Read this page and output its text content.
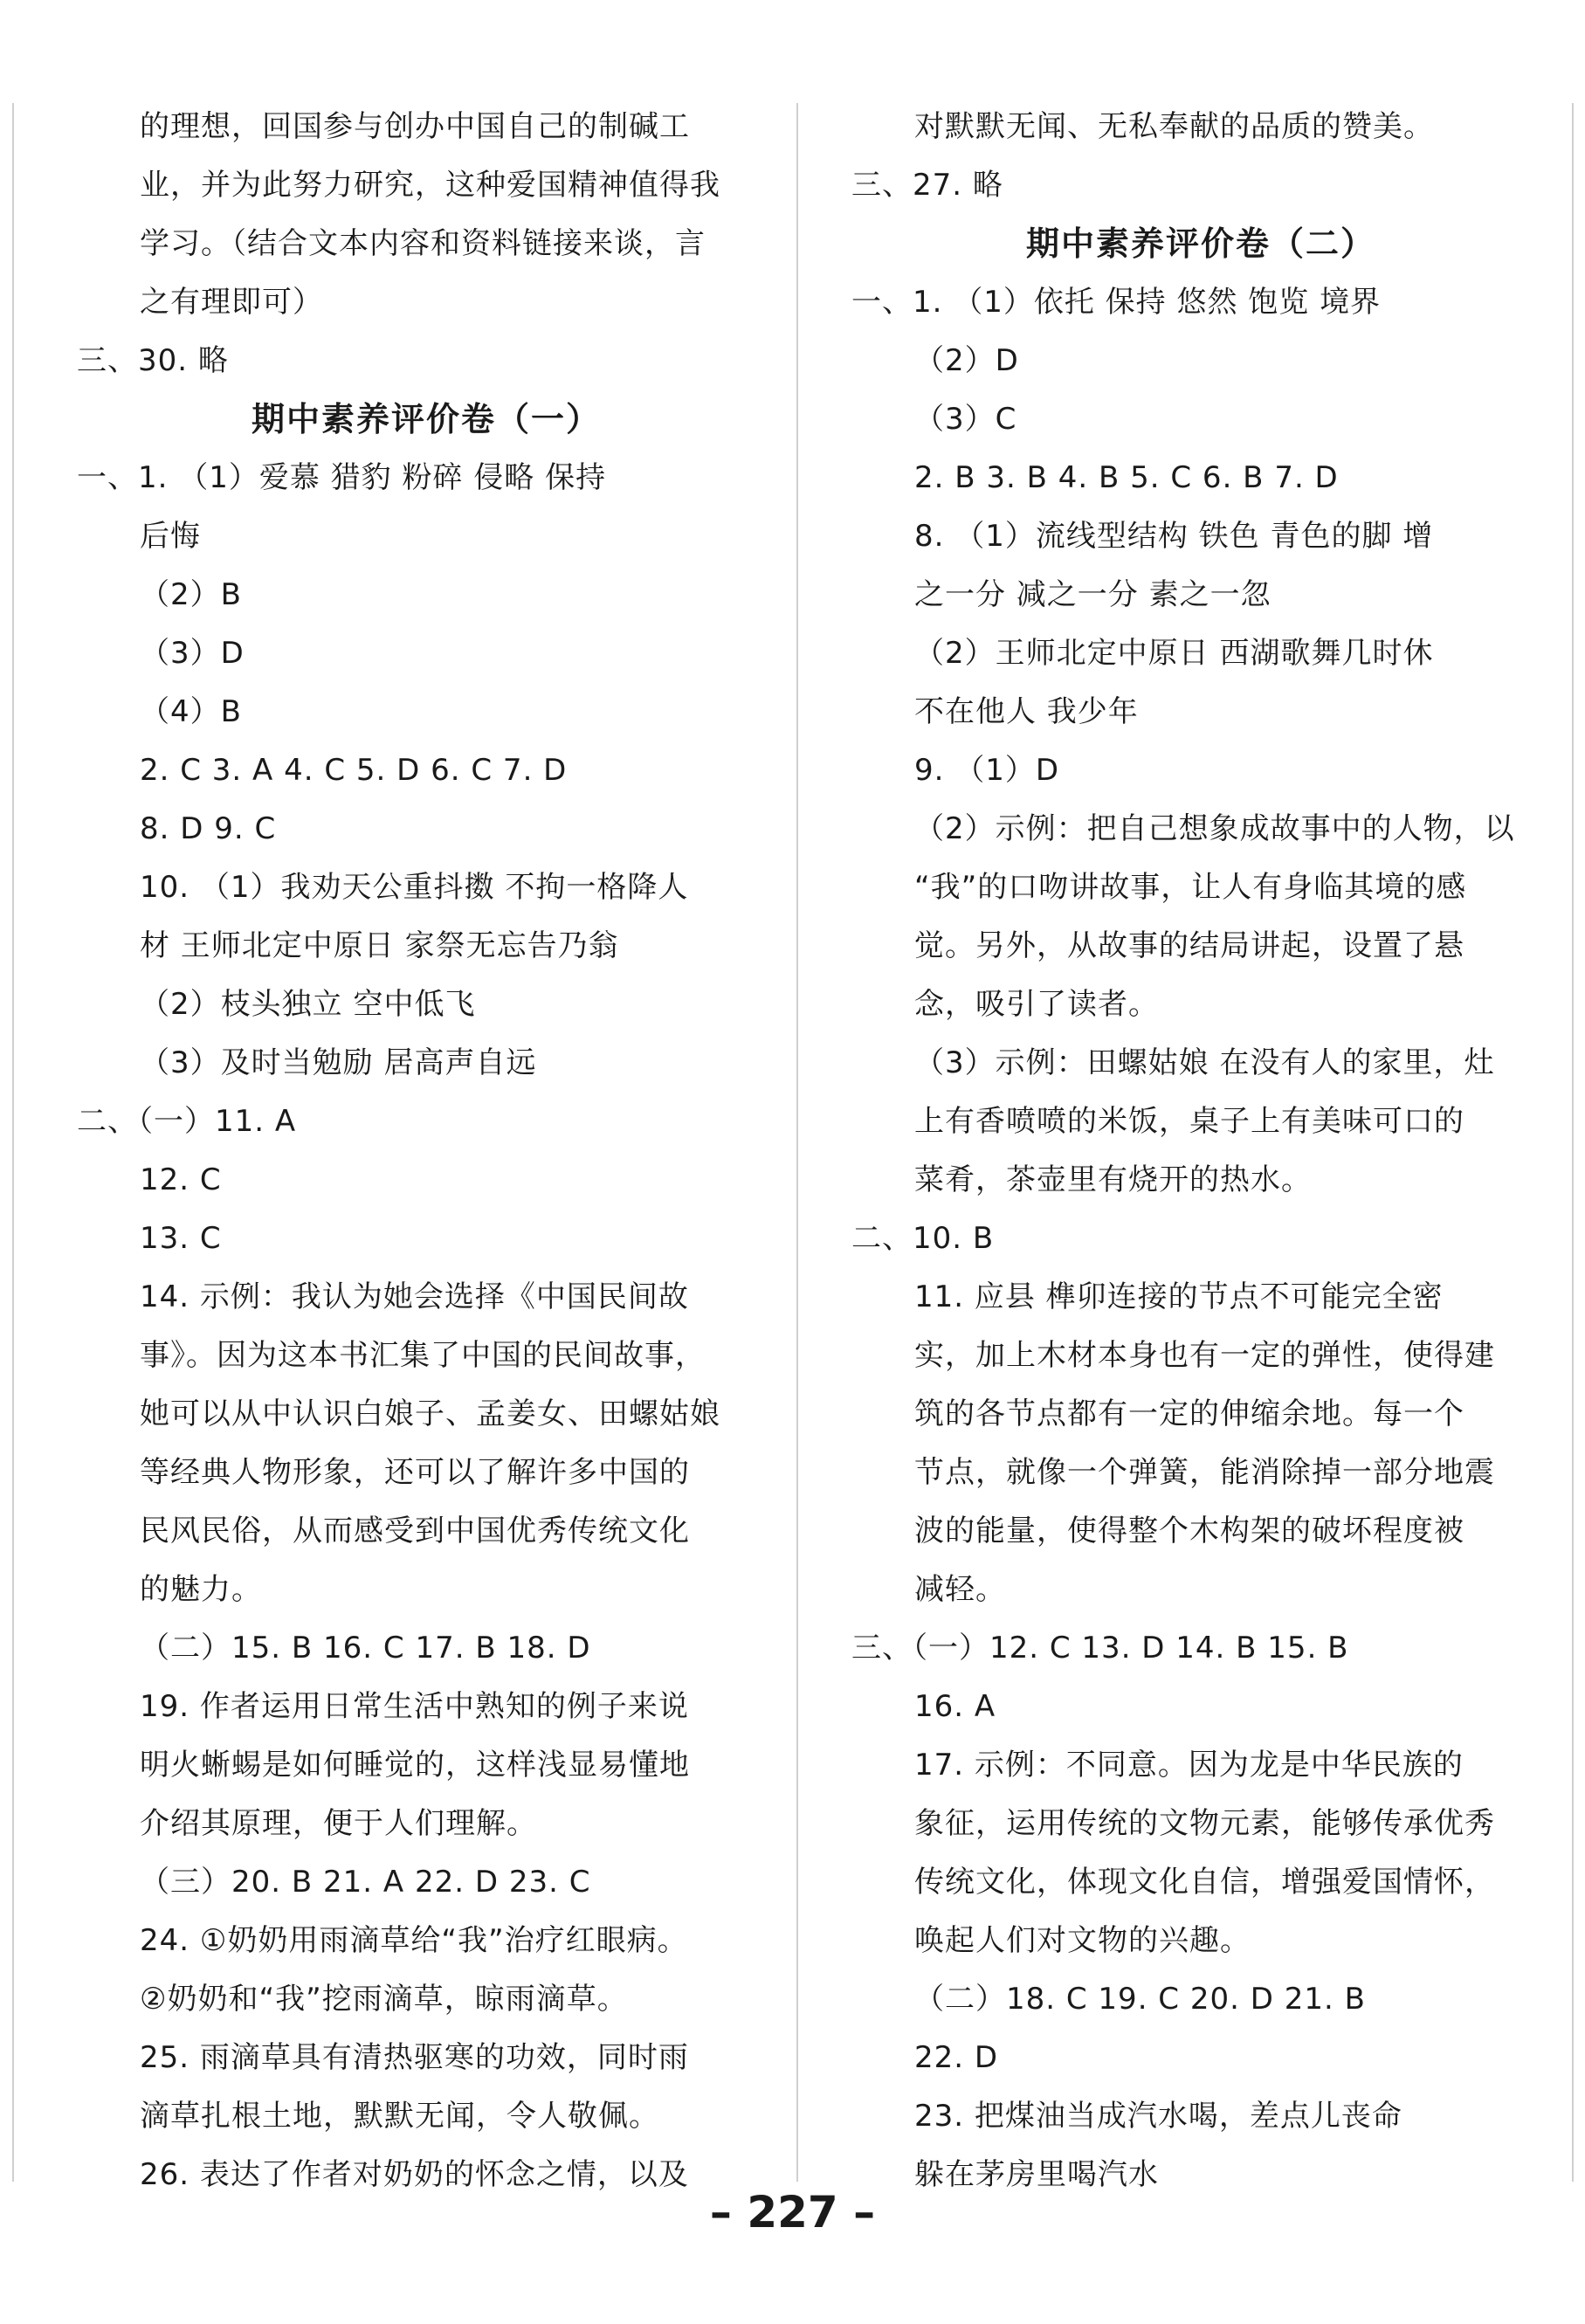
的理想，回国参与创办中国自己的制碱工
业，并为此努力研究，这种爱国精神值得我
学习。（结合文本内容和资料链接来谈，言
之有理即可）
三、30. 略
期中素养评价卷（一）
一、1. （1）爱慕 猎豹 粉碎 侵略 保持
后悔
（2）B
（3）D
（4）B
2. C 3. A 4. C 5. D 6. C 7. D
8. D 9. C
10. （1）我劝天公重抖擞 不拘一格降人
材 王师北定中原日 家祭无忘告乃翁
（2）枝头独立 空中低飞
（3）及时当勉励 居高声自远
二、（一）11. A
12. C
13. C
14. 示例：我认为她会选择《中国民间故
事》。因为这本书汇集了中国的民间故事，
她可以从中认识白娘子、孟姜女、田螺姑娘
等经典人物形象，还可以了解许多中国的
民风民俗，从而感受到中国优秀传统文化
的魅力。
（二）15. B 16. C 17. B 18. D
19. 作者运用日常生活中熟知的例子来说
明火蜥蜴是如何睡觉的，这样浅显易懂地
介绍其原理，便于人们理解。
（三）20. B 21. A 22. D 23. C
24. ①奶奶用雨滴草给“我”治疗红眼病。
②奶奶和“我”挖雨滴草，晾雨滴草。
25. 雨滴草具有清热驱寒的功效，同时雨
滴草扎根土地，默默无闻，令人敬佩。
26. 表达了作者对奶奶的怀念之情，以及
对默默无闻、无私奉献的品质的赞美。
三、27. 略
期中素养评价卷（二）
一、1. （1）依托 保持 悠然 饱览 境界
（2）D
（3）C
2. B 3. B 4. B 5. C 6. B 7. D
8. （1）流线型结构 铁色 青色的脚 增
之一分 减之一分 素之一忽
（2）王师北定中原日 西湖歌舞几时休
不在他人 我少年
9. （1）D
（2）示例：把自己想象成故事中的人物，以
“我”的口吻讲故事，让人有身临其境的感
觉。另外，从故事的结局讲起，设置了悬
念，吸引了读者。
（3）示例：田螺姑娘 在没有人的家里，灶
上有香喷喷的米饭，桌子上有美味可口的
菜肴，茶壶里有烧开的热水。
二、10. B
11. 应县 榫卯连接的节点不可能完全密
实，加上木材本身也有一定的弹性，使得建
筑的各节点都有一定的伸缩余地。每一个
节点，就像一个弹簧，能消除掉一部分地震
波的能量，使得整个木构架的破坏程度被
减轻。
三、（一）12. C 13. D 14. B 15. B
16. A
17. 示例：不同意。因为龙是中华民族的
象征，运用传统的文物元素，能够传承优秀
传统文化，体现文化自信，增强爱国情怀，
唤起人们对文物的兴趣。
（二）18. C 19. C 20. D 21. B
22. D
23. 把煤油当成汽水喝，差点儿丧命
躲在茅房里喝汽水
– 227 –
